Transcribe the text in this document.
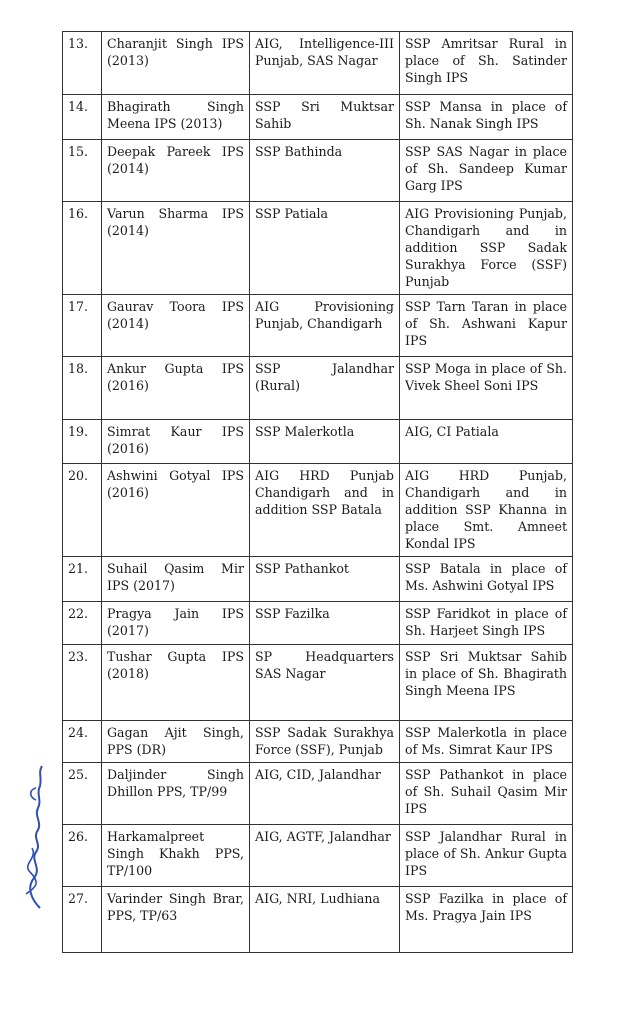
13.	Charanjit Singh IPS (2013)	AIG, Intelligence-III Punjab, SAS Nagar	SSP Amritsar Rural in place of Sh. Satinder Singh IPS
14.	Bhagirath Singh Meena IPS (2013)	SSP Sri Muktsar Sahib	SSP Mansa in place of Sh. Nanak Singh IPS
15.	Deepak Pareek IPS (2014)	SSP Bathinda	SSP SAS Nagar in place of Sh. Sandeep Kumar Garg IPS
16.	Varun Sharma IPS (2014)	SSP Patiala	AIG Provisioning Punjab, Chandigarh and in addition SSP Sadak Surakhya Force (SSF) Punjab
17.	Gaurav Toora IPS (2014)	AIG Provisioning Punjab, Chandigarh	SSP Tarn Taran in place of Sh. Ashwani Kapur IPS
18.	Ankur Gupta IPS (2016)	SSP Jalandhar (Rural)	SSP Moga in place of Sh. Vivek Sheel Soni IPS
19.	Simrat Kaur IPS (2016)	SSP Malerkotla	AIG, CI Patiala
20.	Ashwini Gotyal IPS (2016)	AIG HRD Punjab Chandigarh and in addition SSP Batala	AIG HRD Punjab, Chandigarh and in addition SSP Khanna in place Smt. Amneet Kondal IPS
21.	Suhail Qasim Mir IPS (2017)	SSP Pathankot	SSP Batala in place of Ms. Ashwini Gotyal IPS
22.	Pragya Jain IPS (2017)	SSP Fazilka	SSP Faridkot in place of Sh. Harjeet Singh IPS
23.	Tushar Gupta IPS (2018)	SP Headquarters SAS Nagar	SSP Sri Muktsar Sahib in place of Sh. Bhagirath Singh Meena IPS
24.	Gagan Ajit Singh, PPS (DR)	SSP Sadak Surakhya Force (SSF), Punjab	SSP Malerkotla in place of Ms. Simrat Kaur IPS
25.	Daljinder Singh Dhillon PPS, TP/99	AIG, CID, Jalandhar	SSP Pathankot in place of Sh. Suhail Qasim Mir IPS
26.	Harkamalpreet Singh Khakh PPS, TP/100	AIG, AGTF, Jalandhar	SSP Jalandhar Rural in place of Sh. Ankur Gupta IPS
27.	Varinder Singh Brar, PPS, TP/63	AIG, NRI, Ludhiana	SSP Fazilka in place of Ms. Pragya Jain IPS
